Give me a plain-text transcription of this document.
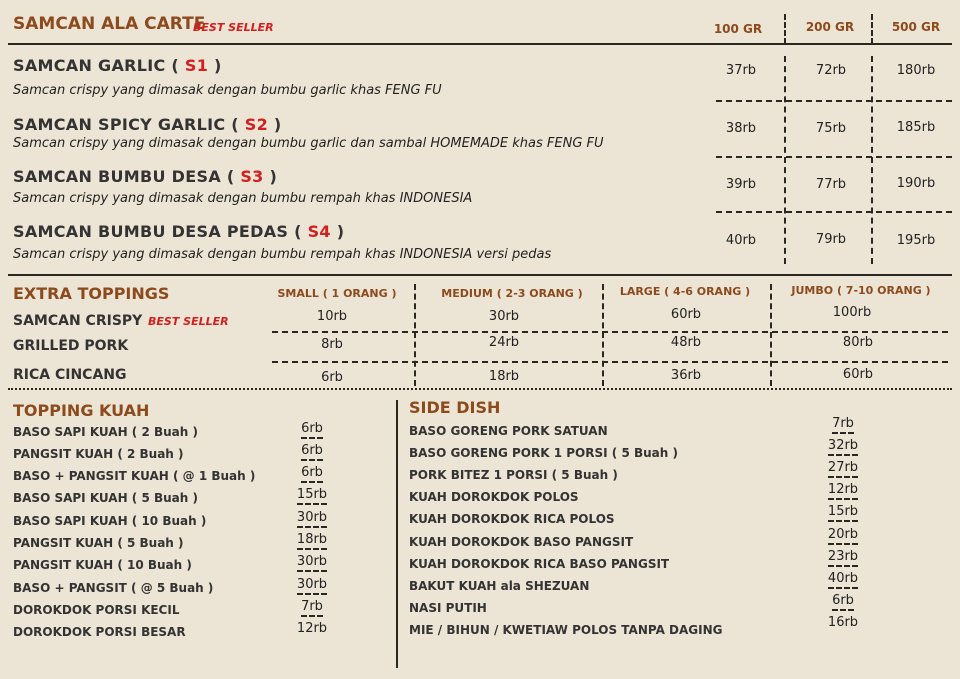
SAMCAN ALA CARTE
BEST SELLER	100 GR	200 GR	500 GR
SAMCAN GARLIC ( S1 )
Samcan crispy yang dimasak dengan bumbu garlic khas FENG FU
37rb	72rb	180rb
SAMCAN SPICY GARLIC ( S2 )
Samcan crispy yang dimasak dengan bumbu garlic dan sambal HOMEMADE khas FENG FU
38rb	75rb	185rb
SAMCAN BUMBU DESA ( S3 )
Samcan crispy yang dimasak dengan bumbu rempah khas INDONESIA
39rb	77rb	190rb
SAMCAN BUMBU DESA PEDAS ( S4 )
Samcan crispy yang dimasak dengan bumbu rempah khas INDONESIA versi pedas
40rb	79rb	195rb
EXTRA TOPPINGS	SMALL ( 1 ORANG )	MEDIUM ( 2-3 ORANG )	LARGE ( 4-6 ORANG )	JUMBO ( 7-10 ORANG )
SAMCAN CRISPY BEST SELLER	10rb	30rb	60rb	100rb
GRILLED PORK	8rb	24rb	48rb	80rb
RICA CINCANG	6rb	18rb	36rb	60rb
TOPPING KUAH
BASO SAPI KUAH ( 2 Buah )	6rb
PANGSIT KUAH ( 2 Buah )	6rb
BASO + PANGSIT KUAH ( @ 1 Buah )	6rb
BASO SAPI KUAH ( 5 Buah )	15rb
BASO SAPI KUAH ( 10 Buah )	30rb
PANGSIT KUAH ( 5 Buah )	18rb
PANGSIT KUAH ( 10 Buah )	30rb
BASO + PANGSIT ( @ 5 Buah )	30rb
DOROKDOK PORSI KECIL	7rb
DOROKDOK PORSI BESAR	12rb
SIDE DISH
BASO GORENG PORK SATUAN	7rb
BASO GORENG PORK 1 PORSI ( 5 Buah )	32rb
PORK BITEZ 1 PORSI ( 5 Buah )	27rb
KUAH DOROKDOK POLOS	12rb
KUAH DOROKDOK RICA POLOS	15rb
KUAH DOROKDOK BASO PANGSIT	20rb
KUAH DOROKDOK RICA BASO PANGSIT	23rb
BAKUT KUAH ala SHEZUAN	40rb
NASI PUTIH	6rb
MIE / BIHUN / KWETIAW POLOS TANPA DAGING	16rb
